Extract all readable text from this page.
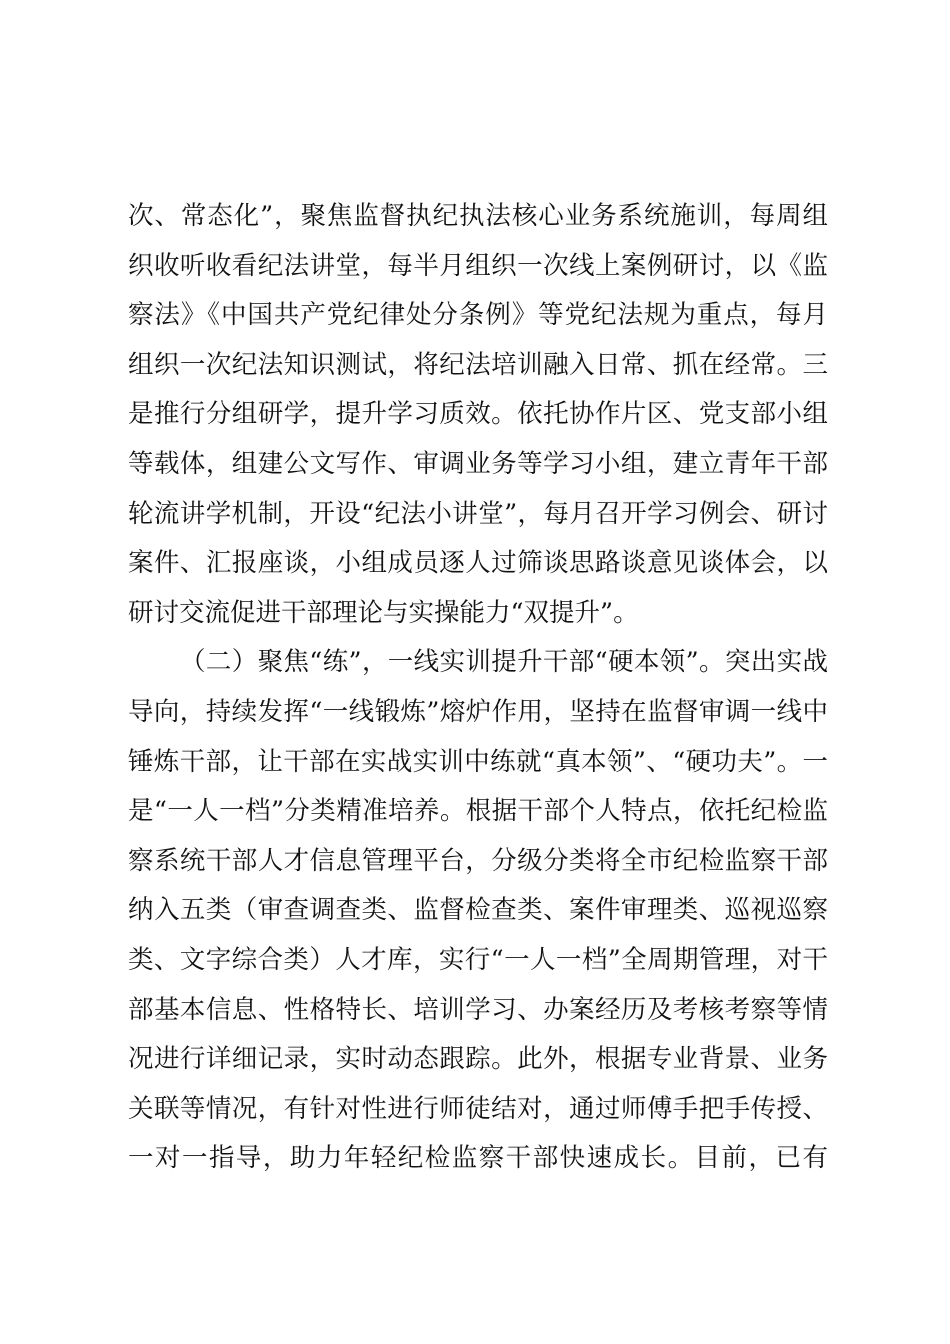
次、常态化”，聚焦监督执纪执法核心业务系统施训，每周组
织收听收看纪法讲堂，每半月组织一次线上案例研讨，以《监
察法》《中国共产党纪律处分条例》等党纪法规为重点，每月
组织一次纪法知识测试，将纪法培训融入日常、抓在经常。三
是推行分组研学，提升学习质效。依托协作片区、党支部小组
等载体，组建公文写作、审调业务等学习小组，建立青年干部
轮流讲学机制，开设“纪法小讲堂”，每月召开学习例会、研讨
案件、汇报座谈，小组成员逐人过筛谈思路谈意见谈体会，以
研讨交流促进干部理论与实操能力“双提升”。
（二）聚焦“练”，一线实训提升干部“硬本领”。突出实战
导向，持续发挥“一线锻炼”熔炉作用，坚持在监督审调一线中
锤炼干部，让干部在实战实训中练就“真本领”、“硬功夫”。一
是“一人一档”分类精准培养。根据干部个人特点，依托纪检监
察系统干部人才信息管理平台，分级分类将全市纪检监察干部
纳入五类（审查调查类、监督检查类、案件审理类、巡视巡察
类、文字综合类）人才库，实行“一人一档”全周期管理，对干
部基本信息、性格特长、培训学习、办案经历及考核考察等情
况进行详细记录，实时动态跟踪。此外，根据专业背景、业务
关联等情况，有针对性进行师徒结对，通过师傅手把手传授、
一对一指导，助力年轻纪检监察干部快速成长。目前，已有
